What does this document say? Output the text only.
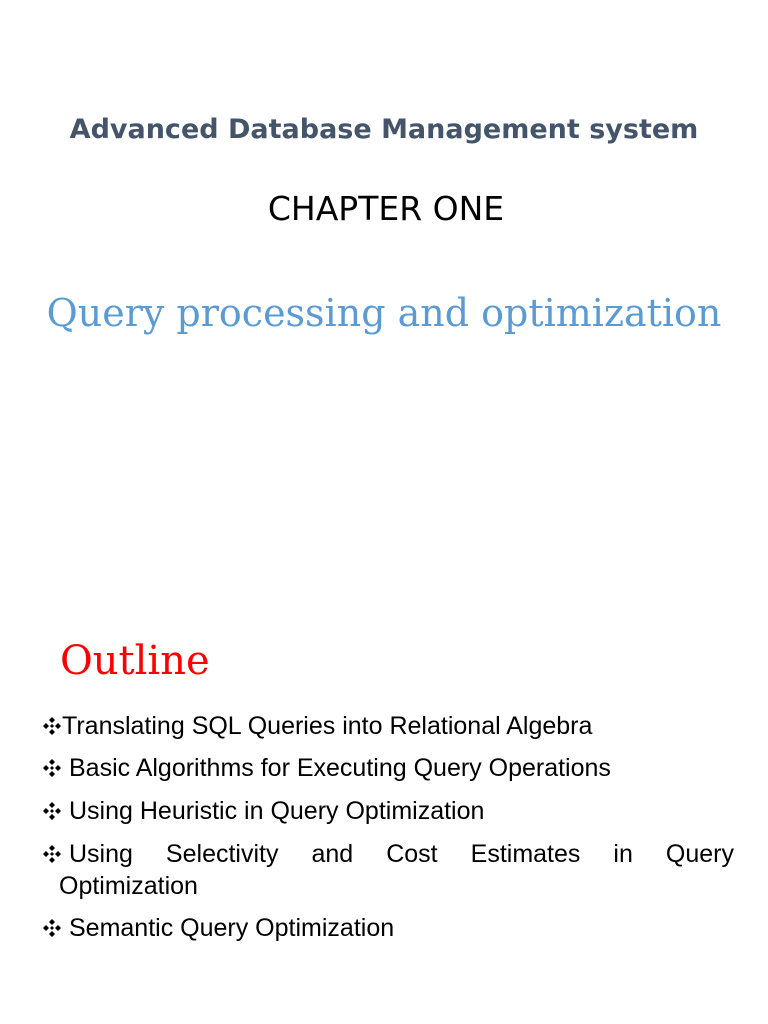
Advanced Database Management system
CHAPTER ONE
Query processing and optimization
Outline
Translating SQL Queries into Relational Algebra
Basic Algorithms for Executing Query Operations
Using Heuristic in Query Optimization
Using Selectivity and Cost Estimates in Query
Optimization
Semantic Query Optimization
